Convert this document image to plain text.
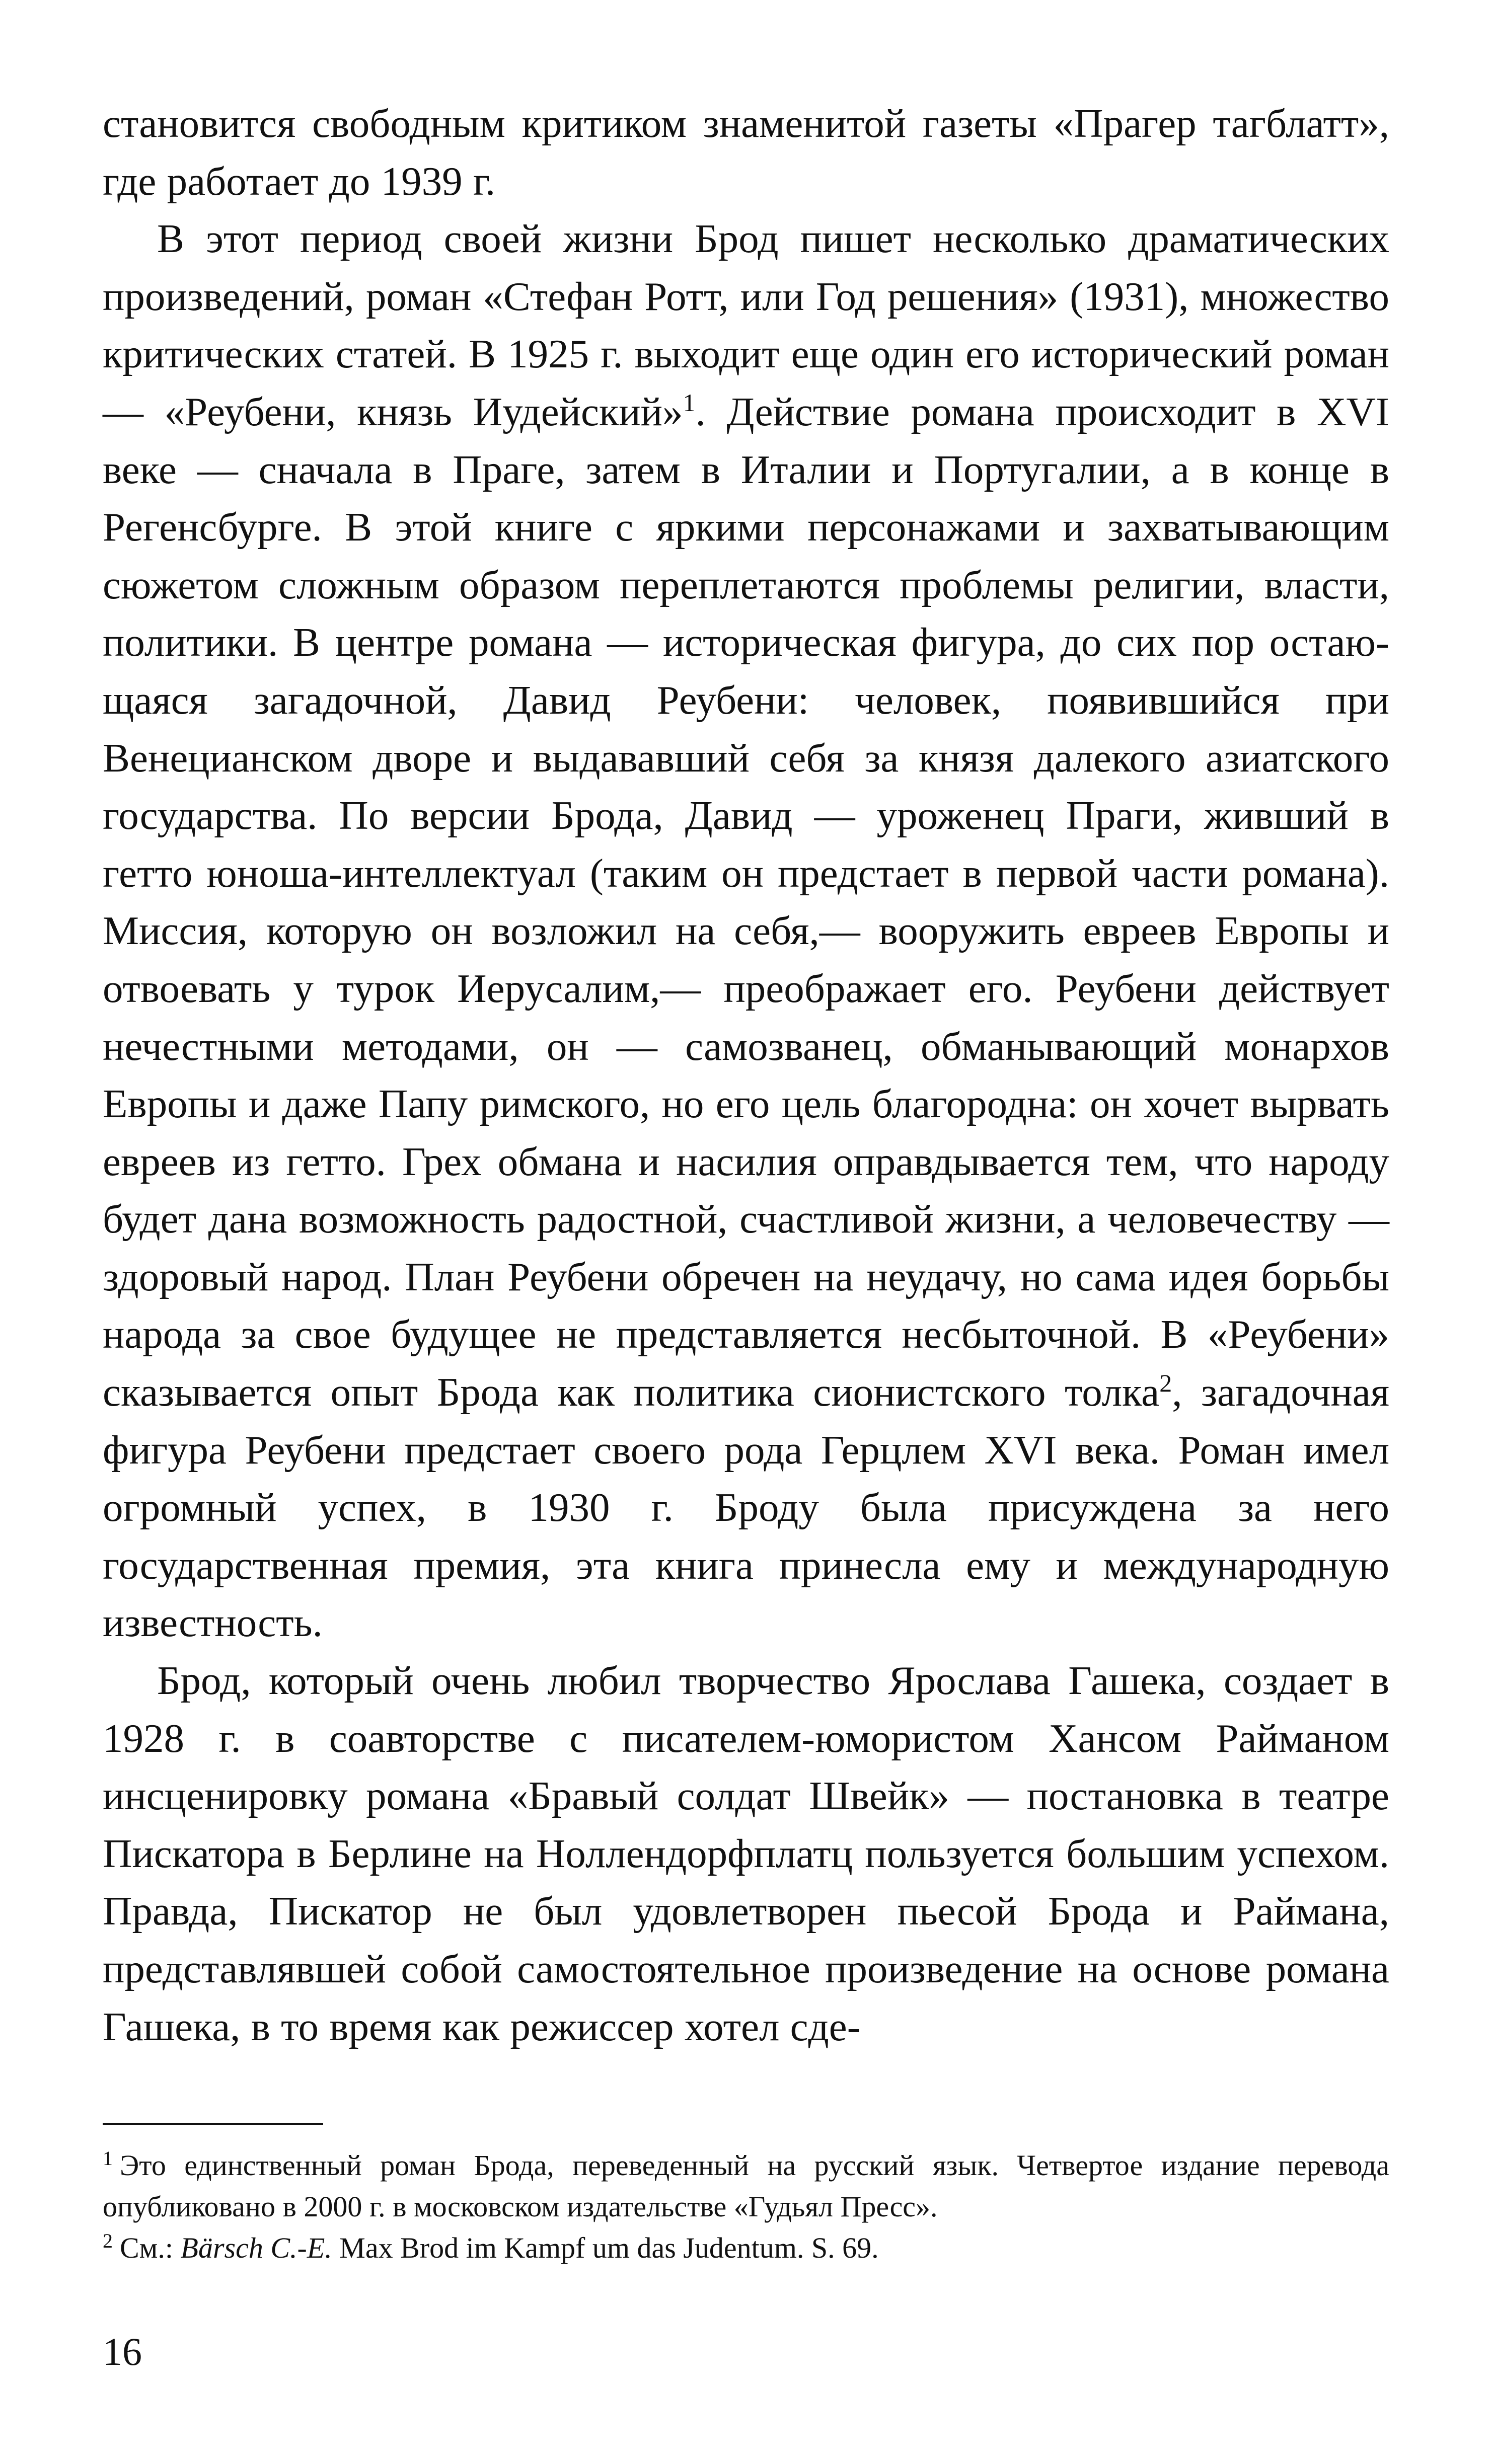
становится свободным критиком знаменитой газеты «Прагер тагблатт», где работает до 1939 г.

В этот период своей жизни Брод пишет несколько драматических произведений, роман «Стефан Ротт, или Год решения» (1931), множество критических статей. В 1925 г. выходит еще один его исторический роман — «Реубени, князь Иудейский»$^1$. Действие романа происходит в XVI веке — сначала в Праге, затем в Италии и Португалии, а в конце в Регенсбурге. В этой книге с яркими персонажами и захватывающим сюжетом сложным образом переплетаются проблемы религии, власти, политики. В центре романа — историческая фигура, до сих пор остающаяся загадочной, Давид Реубени: человек, появившийся при Венецианском дворе и выдававший себя за князя далекого азиатского государства. По версии Брода, Давид — уроженец Праги, живший в гетто юноша-интеллектуал (таким он предстает в первой части романа). Миссия, которую он возложил на себя,— вооружить евреев Европы и отвоевать у турок Иерусалим,— преображает его. Реубени действует нечестными методами, он — самозванец, обманывающий монархов Европы и даже Папу римского, но его цель благородна: он хочет вырвать евреев из гетто. Грех обмана и насилия оправдывается тем, что народу будет дана возможность радостной, счастливой жизни, а человечеству — здоровый народ. План Реубени обречен на неудачу, но сама идея борьбы народа за свое будущее не представляется несбыточной. В «Реубени» сказывается опыт Брода как политика сионистского толка$^2$, загадочная фигура Реубени предстает своего рода Герцлем XVI века. Роман имел огромный успех, в 1930 г. Броду была присуждена за него государственная премия, эта книга принесла ему и международную известность.

Брод, который очень любил творчество Ярослава Гашека, создает в 1928 г. в соавторстве с писателем-юмористом Хансом Райманом инсценировку романа «Бравый солдат Швейк» — постановка в театре Пискатора в Берлине на Ноллендорфплатц пользуется большим успехом. Правда, Пискатор не был удовлетворен пьесой Брода и Раймана, представлявшей собой самостоятельное произведение на основе романа Гашека, в то время как режиссер хотел сде-

$^1$ Это единственный роман Брода, переведенный на русский язык. Четвертое издание перевода опубликовано в 2000 г. в московском издательстве «Гудьял Пресс».

$^2$ См.: Bärsch C.-E. Max Brod im Kampf um das Judentum. S. 69.

16
